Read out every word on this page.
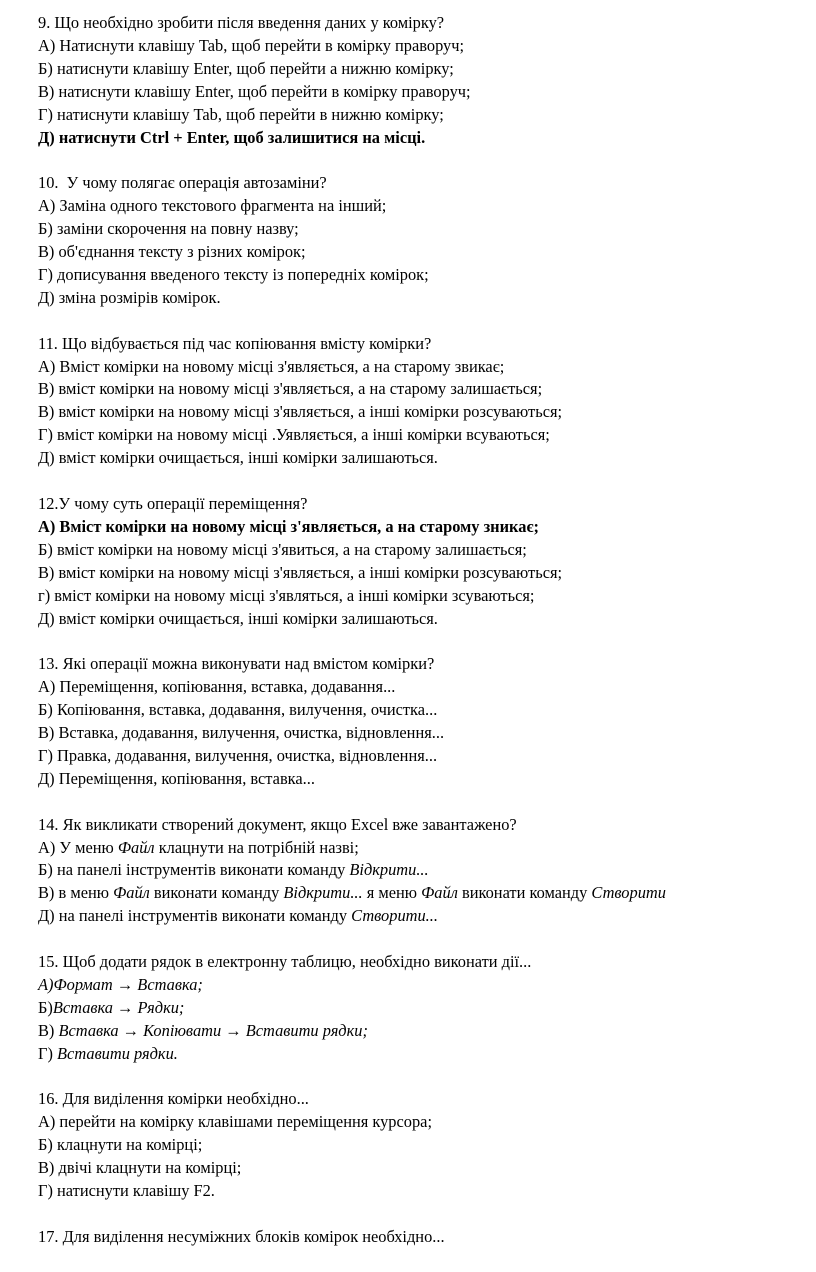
9. Що необхідно зробити після введення даних у комірку?
А) Натиснути клавішу Tab, щоб перейти в комірку праворуч;
Б) натиснути клавішу Enter, щоб перейти а нижню комірку;
В) натиснути клавішу Enter, щоб перейти в комірку праворуч;
Г) натиснути клавішу Tab, щоб перейти в нижню комірку;
Д) натиснути Ctrl + Enter, щоб залишитися на місці.
10.  У чому полягає операція автозаміни?
А) Заміна одного текстового фрагмента на інший;
Б) заміни скорочення на повну назву;
В) об'єднання тексту з різних комірок;
Г) дописування введеного тексту із попередніх комірок;
Д) зміна розмірів комірок.
11. Що відбувається під час копіювання вмісту комірки?
А) Вміст комірки на новому місці з'являється, а на старому звикає;
В) вміст комірки на новому місці з'являється, а на старому залишається;
В) вміст комірки на новому місці з'являється, а інші комірки розсуваються;
Г) вміст комірки на новому місці .Уявляється, а інші комірки всуваються;
Д) вміст комірки очищається, інші комірки залишаються.
12.У чому суть операції переміщення?
А) Вміст комірки на новому місці з'являється, а на старому зникає;
Б) вміст комірки на новому місці з'явиться, а на старому залишається;
В) вміст комірки на новому місці з'являється, а інші комірки розсуваються;
г) вміст комірки на новому місці з'являться, а інші комірки зсуваються;
Д) вміст комірки очищається, інші комірки залишаються.
13. Які операції можна виконувати над вмістом комірки?
А) Переміщення, копіювання, вставка, додавання...
Б) Копіювання, вставка, додавання, вилучення, очистка...
В) Вставка, додавання, вилучення, очистка, відновлення...
Г) Правка, додавання, вилучення, очистка, відновлення...
Д) Переміщення, копіювання, вставка...
14. Як викликати створений документ, якщо Excel вже завантажено?
А) У меню Файл клацнути на потрібній назві;
Б) на панелі інструментів виконати команду Відкрити...
В) в меню Файл виконати команду Відкрити... я меню Файл виконати команду Створити
Д) на панелі інструментів виконати команду Створити...
15. Щоб додати рядок в електронну таблицю, необхідно виконати дії...
А)Формат → Вставка;
Б)Вставка → Рядки;
В) Вставка → Копіювати → Вставити рядки;
Г) Вставити рядки.
16. Для виділення комірки необхідно...
А) перейти на комірку клавішами переміщення курсора;
Б) клацнути на комірці;
В) двічі клацнути на комірці;
Г) натиснути клавішу F2.
17. Для виділення несуміжних блоків комірок необхідно...
